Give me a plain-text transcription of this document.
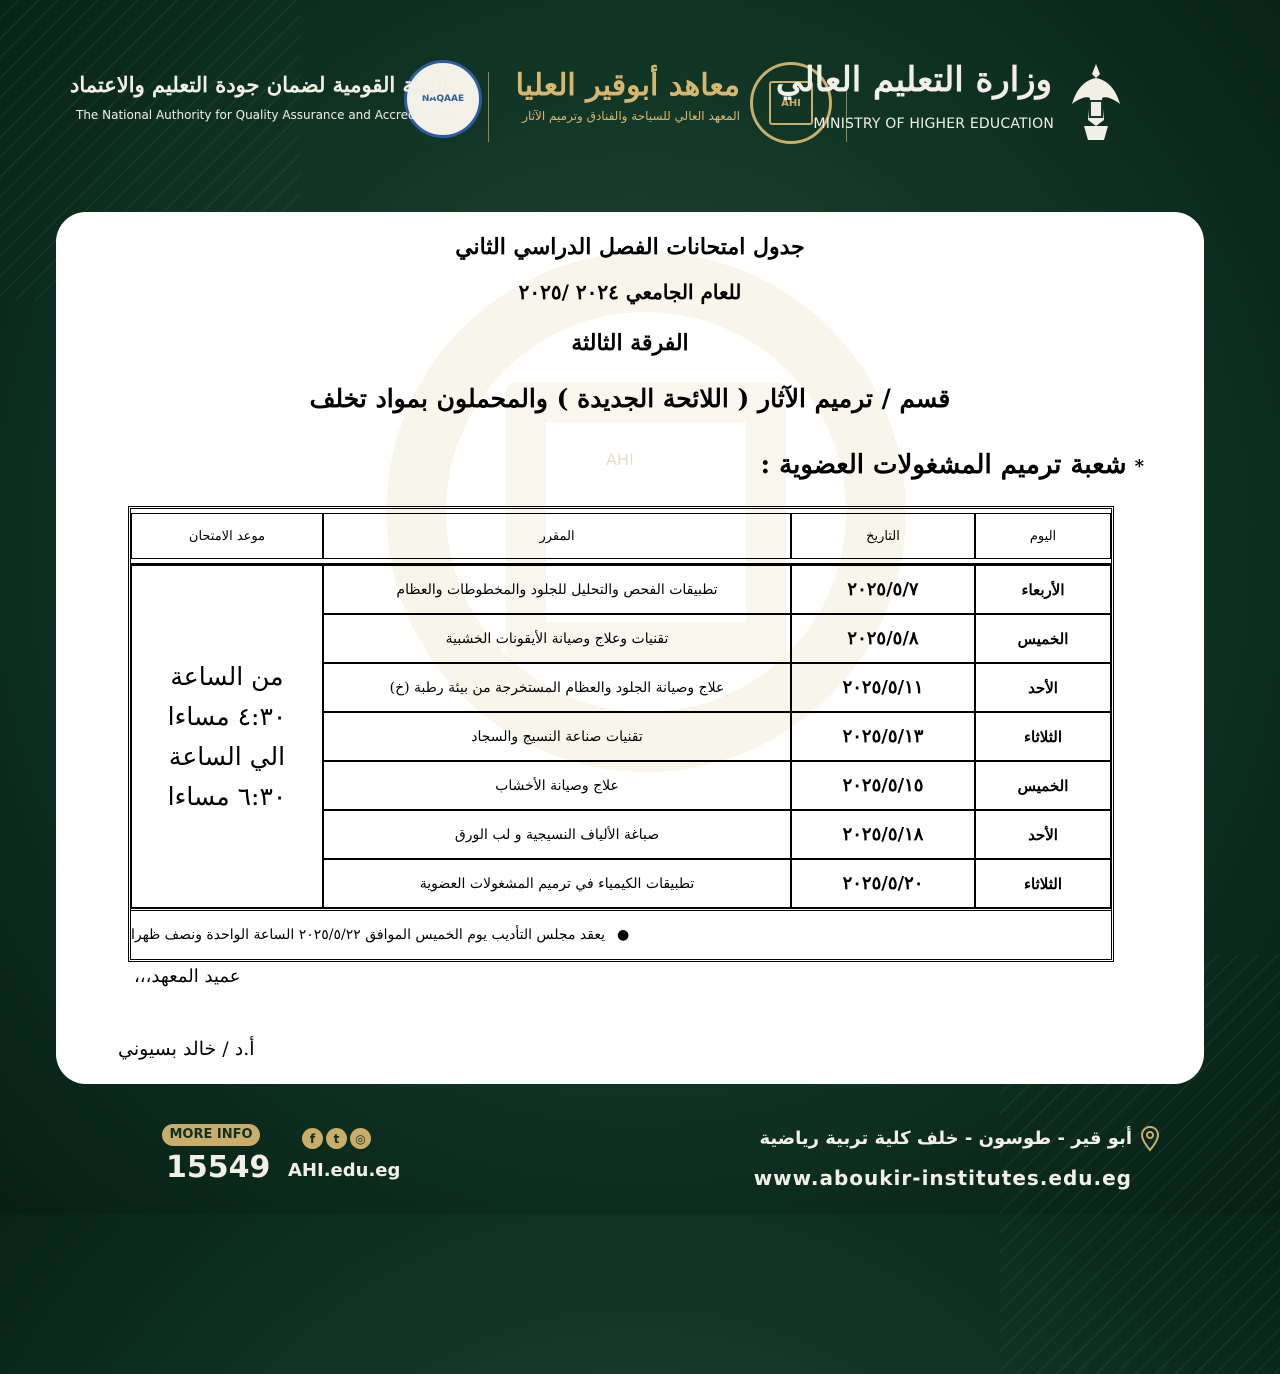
NAQAAE
الهيئة القومية لضمان جودة التعليم والاعتماد
The National Authority for Quality Assurance and Accreditation
معاهد أبوقير العليا
المعهد العالي للسياحة والفنادق وترميم الآثار
AHI
وزارة التعليم العالي
MINISTRY OF HIGHER EDUCATION
AHI
جدول امتحانات الفصل الدراسي الثاني
للعام الجامعي ٢٠٢٤ /٢٠٢٥
الفرقة الثالثة
قسم / ترميم الآثار ( اللائحة الجديدة ) والمحملون بمواد تخلف
*شعبة ترميم المشغولات العضوية :
اليوم
التاريخ
المقرر
موعد الامتحان
الأربعاء
٢٠٢٥/٥/٧
تطبيقات الفحص والتحليل للجلود والمخطوطات والعظام
الخميس
٢٠٢٥/٥/٨
تقنيات وعلاج وصيانة الأيقونات الخشبية
الأحد
٢٠٢٥/٥/١١
علاج وصيانة الجلود والعظام المستخرجة من بيئة رطبة (خ)
الثلاثاء
٢٠٢٥/٥/١٣
تقنيات صناعة النسيج والسجاد
الخميس
٢٠٢٥/٥/١٥
علاج وصيانة الأخشاب
الأحد
٢٠٢٥/٥/١٨
صباغة الألياف النسيجية و لب الورق
الثلاثاء
٢٠٢٥/٥/٢٠
تطبيقات الكيمياء في ترميم المشغولات العضوية
من الساعة
٤:٣٠ مساءا
الي الساعة
٦:٣٠ مساءا
●
يعقد مجلس التأديب يوم الخميس الموافق ٢٠٢٥/٥/٢٢ الساعة الواحدة ونصف ظهرا
عميد المعهد،،،
أ.د / خالد بسيوني
MORE INFO
15549
f	t	◎
AHI.edu.eg
أبو قير - طوسون - خلف كلية تربية رياضية
www.aboukir-institutes.edu.eg
